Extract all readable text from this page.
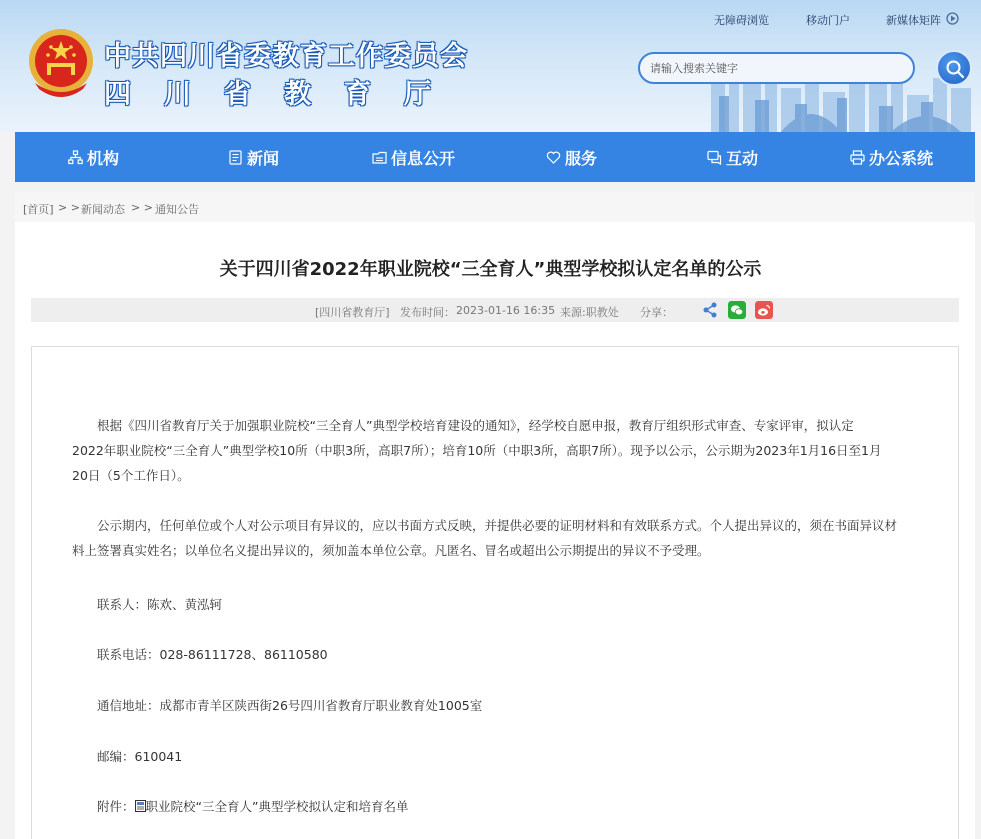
中共四川省委教育工作委员会
四川省教育厅
无障碍浏览	移动门户	新媒体矩阵
请输入搜索关键字
机构	新闻	信息公开	服务	互动	办公系统
[首页] > > 新闻动态 > > 通知公告
关于四川省2022年职业院校“三全育人”典型学校拟认定名单的公示
[四川省教育厅] 发布时间： 2023-01-16 16:35 来源:职教处 分享：
根据《四川省教育厅关于加强职业院校“三全育人”典型学校培育建设的通知》，经学校自愿申报，教育厅组织形式审查、专家评审，拟认定
2022年职业院校“三全育人”典型学校10所（中职3所，高职7所）；培育10所（中职3所，高职7所）。现予以公示，公示期为2023年1月16日至1月
20日（5个工作日）。
公示期内，任何单位或个人对公示项目有异议的，应以书面方式反映，并提供必要的证明材料和有效联系方式。个人提出异议的，须在书面异议材
料上签署真实姓名；以单位名义提出异议的，须加盖本单位公章。凡匿名、冒名或超出公示期提出的异议不予受理。
联系人：陈欢、黄泓轲
联系电话：028-86111728、86110580
通信地址：成都市青羊区陕西街26号四川省教育厅职业教育处1005室
邮编：610041
附件： 职业院校“三全育人”典型学校拟认定和培育名单
